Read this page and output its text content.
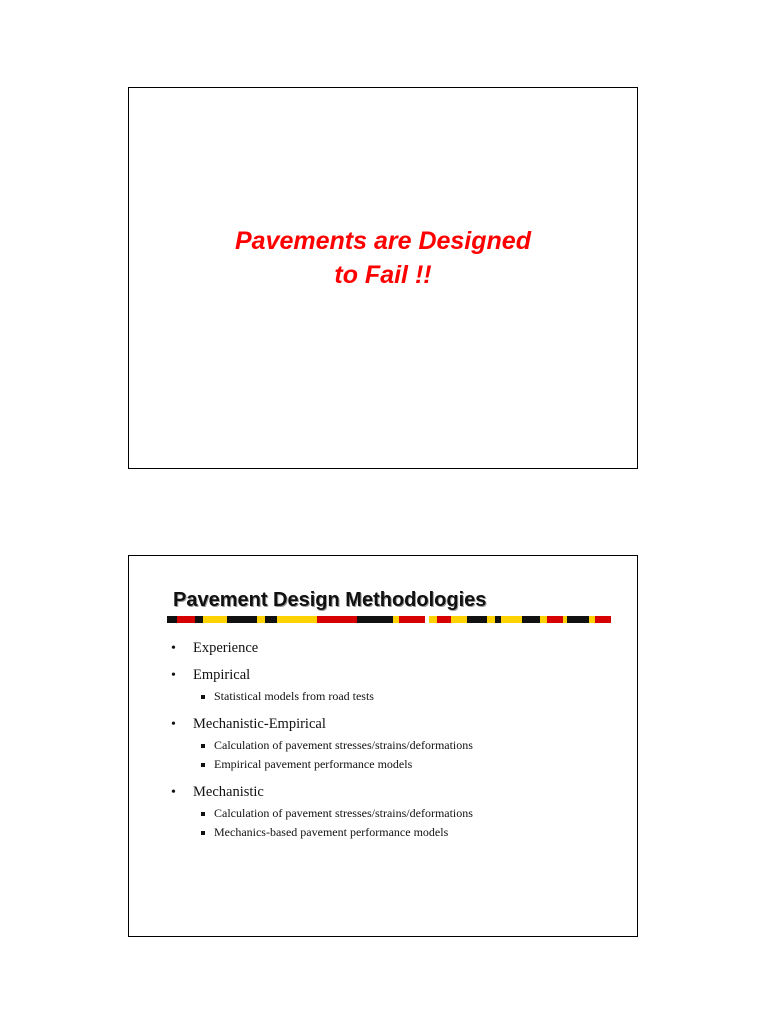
Pavements are Designed
to Fail !!
Pavement Design Methodologies
• Experience
• Empirical
Statistical models from road tests
• Mechanistic-Empirical
Calculation of pavement stresses/strains/deformations
Empirical pavement performance models
• Mechanistic
Calculation of pavement stresses/strains/deformations
Mechanics-based pavement performance models
